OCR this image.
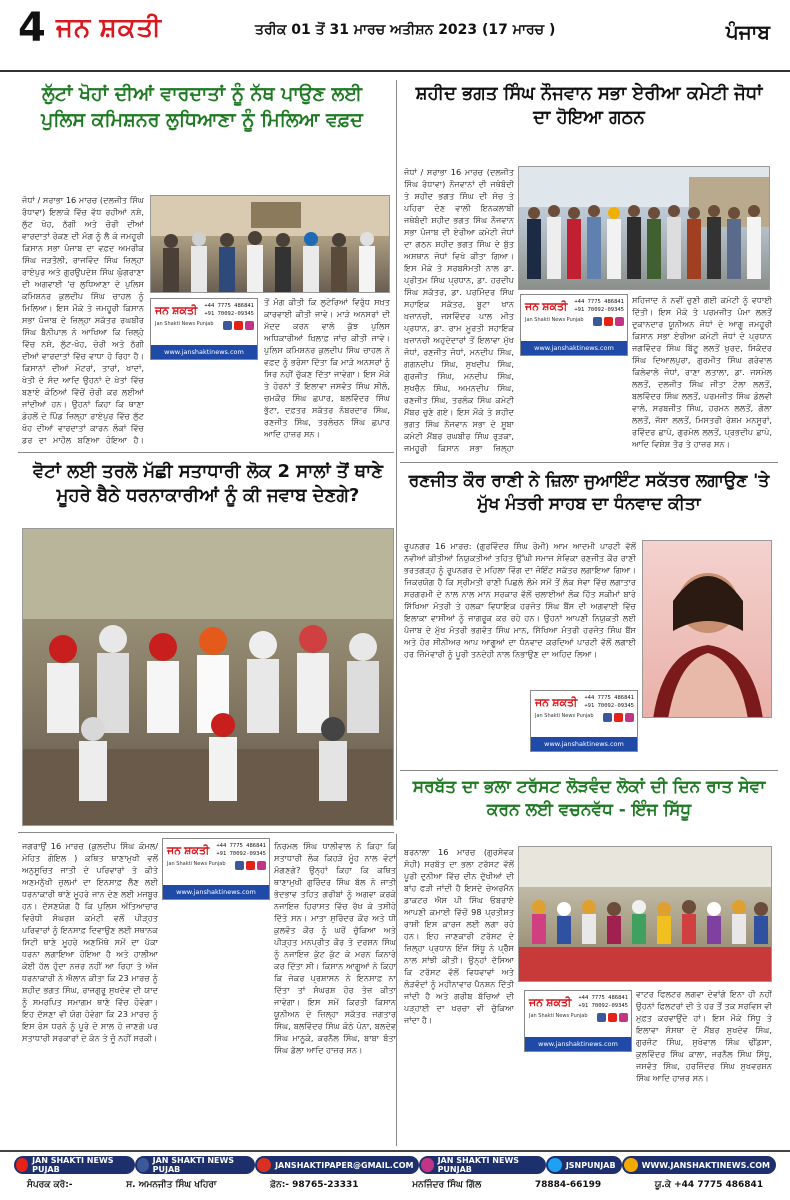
4 ਜਨ ਸ਼ਕਤੀ	ਤਰੀਕ 01 ਤੋਂ 31 ਮਾਰਚ ਅਤੀਸ਼ਨ 2023 (17 ਮਾਰਚ )	ਪੰਜਾਬ
ਲੁੱਟਾਂ ਖੋਹਾਂ ਦੀਆਂ ਵਾਰਦਾਤਾਂ ਨੂੰ ਨੱਥ ਪਾਉਣ ਲਈ ਪੁਲਿਸ ਕਮਿਸ਼ਨਰ ਲੁਧਿਆਣਾ ਨੂੰ ਮਿਲਿਆ ਵਫ਼ਦ
ਜੋਧਾਂ / ਸਰਾਭਾ 16 ਮਾਰਚ (ਦਲਜੀਤ ਸਿੰਘ ਰੰਧਾਵਾ) ਇਲਾਕੇ ਵਿੱਚ ਵੱਧ ਰਹੀਆਂ ਨਸ਼ੇ, ਲੁੱਟ ਖੋਹ, ਠੱਗੀ ਅਤੇ ਚੋਰੀ ਦੀਆਂ ਵਾਰਦਾਤਾਂ ਰੋਕਣ ਦੀ ਮੰਗ ਨੂੰ ਲੈ ਕੇ ਜਮਹੂਰੀ ਕਿਸਾਨ ਸਭਾ ਪੰਜਾਬ ਦਾ ਵਫ਼ਦ ਅਮਰੀਕ ਸਿੰਘ ਜੜਤੌਲੀ, ਰਾਜਵਿੰਦ ਸਿੰਘ ਜ਼ਿਲ੍ਹਾ ਰਾਏਪੁਰ ਅਤੇ ਗੁਰਉਪਦੇਸ਼ ਸਿੰਘ ਘੁੰਗਰਾਣਾ ਦੀ ਅਗਵਾਈ 'ਚ ਲੁਧਿਆਣਾ ਦੇ ਪੁਲਿਸ ਕਮਿਸ਼ਨਰ ਕੁਲਦੀਪ ਸਿੰਘ ਚਾਹਲ ਨੂੰ ਮਿਲਿਆ। ਇਸ ਮੌਕੇ ਤੇ ਜਮਹੂਰੀ ਕਿਸਾਨ ਸਭਾ ਪੰਜਾਬ ਦੇ ਜ਼ਿਲ੍ਹਾ ਸਕੱਤਰ ਰਘਬੀਰ ਸਿੰਘ ਬੈਨੀਪਾਲ ਨੇ ਆਖਿਆ ਕਿ ਜ਼ਿਲ੍ਹੇ ਵਿੱਚ ਨਸ਼ੇ, ਲੁੱਟ-ਖੋਹ, ਚੋਰੀ ਅਤੇ ਠੱਗੀ ਦੀਆਂ ਵਾਰਦਾਤਾਂ ਵਿੱਚ ਵਾਧਾ ਹੋ ਰਿਹਾ ਹੈ। ਕਿਸਾਨਾਂ ਦੀਆਂ ਮੋਟਰਾਂ, ਤਾਰਾਂ, ਖਾਦਾਂ, ਖੇਤੀ ਦੇ ਸੰਦ ਆਦਿ ਉਹਨਾਂ ਦੇ ਖੇਤਾਂ ਵਿੱਚ ਬਣਾਏ ਕੋਠਿਆਂ ਵਿੱਚੋਂ ਚੋਰੀ ਕਰ ਲਈਆਂ ਜਾਂਦੀਆਂ ਹਨ। ਉਹਨਾਂ ਕਿਹਾ ਕਿ ਥਾਣਾ ਡੇਹਲੋਂ ਦੇ ਪਿੰਡ ਜ਼ਿਲ੍ਹਾ ਰਾਏਪੁਰ ਵਿੱਚ ਲੁੱਟ ਖੋਹ ਦੀਆਂ ਵਾਰਦਾਤਾਂ ਕਾਰਨ ਲੋਕਾਂ ਵਿੱਚ ਡਰ ਦਾ ਮਾਹੌਲ ਬਣਿਆ ਹੋਇਆ ਹੈ।
ਜਨ ਸ਼ਕਤੀ
Jan Shakti News Punjab
+44 7775 486841
+91 70092-09345
www.janshaktinews.com
ਤੋਂ ਮੰਗ ਕੀਤੀ ਕਿ ਲੁਟੇਰਿਆਂ ਵਿਰੁੱਧ ਸਖ਼ਤ ਕਾਰਵਾਈ ਕੀਤੀ ਜਾਵੇ। ਮਾੜੇ ਅਨਸਰਾਂ ਦੀ ਮੱਦਦ ਕਰਨ ਵਾਲੇ ਕੁੱਝ ਪੁਲਿਸ ਅਧਿਕਾਰੀਆਂ ਖ਼ਿਲਾਫ਼ ਜਾਂਚ ਕੀਤੀ ਜਾਵੇ। ਪੁਲਿਸ ਕਮਿਸ਼ਨਰ ਕੁਲਦੀਪ ਸਿੰਘ ਚਾਹਲ ਨੇ ਵਫ਼ਦ ਨੂੰ ਭਰੋਸਾ ਦਿੱਤਾ ਕਿ ਮਾੜੇ ਅਨਸਰਾਂ ਨੂੰ ਸਿਰ ਨਹੀਂ ਚੁੱਕਣ ਦਿੱਤਾ ਜਾਵੇਗਾ। ਇਸ ਮੌਕੇ ਤੇ ਹੋਰਨਾਂ ਤੋਂ ਇਲਾਵਾ ਜਸਵੰਤ ਸਿੰਘ ਸੀਲੋ, ਚਮਕੌਰ ਸਿੰਘ ਛਪਾਰ, ਬਲਵਿੰਦਰ ਸਿੰਘ ਭੁੱਟਾ, ਦਫ਼ਤਰ ਸਕੱਤਰ ਨੰਬਰਦਾਰ ਸਿੰਘ, ਰਣਜੀਤ ਸਿੰਘ, ਤਰਲੋਚਨ ਸਿੰਘ ਛਪਾਰ ਆਦਿ ਹਾਜ਼ਰ ਸਨ।
ਸ਼ਹੀਦ ਭਗਤ ਸਿੰਘ ਨੌਜਵਾਨ ਸਭਾ ਏਰੀਆ ਕਮੇਟੀ ਜੋਧਾਂ ਦਾ ਹੋਇਆ ਗਠਨ
ਜੋਧਾਂ / ਸਰਾਭਾ 16 ਮਾਰਚ (ਦਲਜੀਤ ਸਿੰਘ ਰੰਧਾਵਾ) ਨੌਜਵਾਨਾਂ ਦੀ ਜਥੇਬੰਦੀ ਤੇ ਸ਼ਹੀਦ ਭਗਤ ਸਿੰਘ ਦੀ ਸੋਚ ਤੇ ਪਹਿਰਾ ਦੇਣ ਵਾਲੀ ਇਨਕਲਾਬੀ ਜਥੇਬੰਦੀ ਸ਼ਹੀਦ ਭਗਤ ਸਿੰਘ ਨੌਜਵਾਨ ਸਭਾ ਪੰਜਾਬ ਦੀ ਏਰੀਆ ਕਮੇਟੀ ਜੋਧਾਂ ਦਾ ਗਠਨ ਸ਼ਹੀਦ ਭਗਤ ਸਿੰਘ ਦੇ ਬੁੱਤ ਅਸਥਾਨ ਜੋਧਾਂ ਵਿਖੇ ਕੀਤਾ ਗਿਆ। ਇਸ ਮੌਕੇ ਤੇ ਸਰਬਸੰਮਤੀ ਨਾਲ ਡਾ. ਪ੍ਰੀਤਮ ਸਿੰਘ ਪ੍ਰਧਾਨ, ਡਾ. ਹਰਦੀਪ ਸਿੰਘ ਸਕੱਤਰ, ਡਾ. ਪਰਮਿੰਦਰ ਸਿੰਘ ਸਹਾਇਕ ਸਕੱਤਰ, ਬੂਟਾ ਖਾਨ ਖ਼ਜ਼ਾਨਚੀ, ਜਸਵਿੰਦਰ ਪਾਲ ਮੀਤ ਪ੍ਰਧਾਨ, ਡਾ. ਰਾਮ ਮੂਰਤੀ ਸਹਾਇਕ ਖ਼ਜ਼ਾਨਚੀ ਅਹੁਦੇਦਾਰਾਂ ਤੋਂ ਇਲਾਵਾ ਮੁੱਖ ਜੋਧਾਂ, ਰਣਜੀਤ ਜੋਧਾਂ, ਮਨਦੀਪ ਸਿੰਘ, ਗਗਨਦੀਪ ਸਿੰਘ, ਸੁਖਦੀਪ ਸਿੰਘ, ਗੁਰਜੀਤ ਸਿੰਘ, ਮਨਦੀਪ ਸਿੰਘ, ਸੁਖਚੈਨ ਸਿੰਘ, ਅਮਨਦੀਪ ਸਿੰਘ, ਰਣਜੀਤ ਸਿੰਘ, ਤਰਲੋਕ ਸਿੰਘ ਕਮੇਟੀ ਮੈਂਬਰ ਚੁਣੇ ਗਏ। ਇਸ ਮੌਕੇ ਤੇ ਸ਼ਹੀਦ ਭਗਤ ਸਿੰਘ ਨੌਜਵਾਨ ਸਭਾ ਦੇ ਸੂਬਾ ਕਮੇਟੀ ਮੈਂਬਰ ਰਘਬੀਰ ਸਿੰਘ ਰੁੜਕਾ, ਜਮਹੂਰੀ ਕਿਸਾਨ ਸਭਾ ਜ਼ਿਲ੍ਹਾ
ਜਨ ਸ਼ਕਤੀ
Jan Shakti News Punjab
+44 7775 486841
+91 70092-09345
www.janshaktinews.com
ਸਹਿਜਾਦ ਨੇ ਨਵੀਂ ਚੁਣੀ ਗਈ ਕਮੇਟੀ ਨੂੰ ਵਧਾਈ ਦਿੱਤੀ। ਇਸ ਮੌਕੇ ਤੇ ਪਰਮਜੀਤ ਪੰਮਾ ਲਲਤੋਂ ਦੁਕਾਨਦਾਰ ਯੂਨੀਅਨ ਜੋਧਾਂ ਦੇ ਆਗੂ ਜਮਹੂਰੀ ਕਿਸਾਨ ਸਭਾ ਏਰੀਆ ਕਮੇਟੀ ਜੋਧਾਂ ਦੇ ਪ੍ਰਧਾਨ ਜਗਵਿੰਦਰ ਸਿੰਘ ਬਿੱਟੂ ਲਲਤੋਂ ਖੁਰਦ, ਸਿਕੰਦਰ ਸਿੰਘ ਦਿਆਲਪੁਰਾ, ਗੁਰਮੀਤ ਸਿੰਘ ਗਰੇਵਾਲ ਕਿਲੇਵਾਲੇ ਜੋਧਾਂ, ਰਾਣਾ ਲਤਾਲਾ, ਡਾ. ਜਸਮੇਲ ਲਲਤੋਂ, ਦਲਜੀਤ ਸਿੰਘ ਜੀਤਾ ਟੋਲਾ ਲਲਤੋਂ, ਬਲਵਿੰਦਰ ਸਿੰਘ ਲਲਤੋਂ, ਪਰਮਜੀਤ ਸਿੰਘ ਡੋਲਵੀ ਵਾਲੇ, ਸਰਬਜੀਤ ਸਿੰਘ, ਹਰਮਨ ਲਲਤੋਂ, ਗੋਲਾ ਲਲਤੋਂ, ਜੱਸਾ ਲਲਤੋਂ, ਮਿਸਤਰੀ ਰੇਸ਼ਮ ਮਨਸੂਰਾਂ, ਰਵਿੰਦਰ ਛਾਪੇ, ਗੁਰਮੇਲ ਲਲਤੋਂ, ਪ੍ਰਭਦੀਪ ਛਾਪੇ, ਆਦਿ ਵਿਸ਼ੇਸ਼ ਤੌਰ ਤੇ ਹਾਜ਼ਰ ਸਨ।
ਰਣਜੀਤ ਕੌਰ ਰਾਣੀ ਨੇ ਜ਼ਿਲਾ ਜੁਆਇੰਟ ਸਕੱਤਰ ਲਗਾਉਣ 'ਤੇ ਮੁੱਖ ਮੰਤਰੀ ਸਾਹਬ ਦਾ ਧੰਨਵਾਦ ਕੀਤਾ
ਰੂਪਨਗਰ 16 ਮਾਰਚ: (ਗੁਰਵਿੰਦਰ ਸਿੰਘ ਰੋਮੀ) ਆਮ ਆਦਮੀ ਪਾਰਟੀ ਵੱਲੋਂ ਨਵੀਆਂ ਕੀਤੀਆਂ ਨਿਯੁਕਤੀਆਂ ਤਹਿਤ ਉੱਘੀ ਸਮਾਜ ਸੇਵਿਕਾ ਰਣਜੀਤ ਕੌਰ ਰਾਣੀ ਭਰਤਗੜ੍ਹ ਨੂੰ ਰੂਪਨਗਰ ਦੇ ਮਹਿਲਾ ਵਿੰਗ ਦਾ ਜੋਇੰਟ ਸਕੱਤਰ ਲਗਾਇਆ ਗਿਆ। ਜਿਕਰਯੋਗ ਹੈ ਕਿ ਸ੍ਰੀਮਤੀ ਰਾਣੀ ਪਿਛਲੇ ਲੰਮੇ ਸਮੇਂ ਤੋਂ ਲੋਕ ਸੇਵਾ ਵਿੱਚ ਲਗਾਤਾਰ ਸਰਗਰਮੀ ਦੇ ਨਾਲ ਨਾਲ ਮਾਨ ਸਰਕਾਰ ਵੱਲੋਂ ਚਲਾਈਆਂ ਲੋਕ ਹਿੱਤ ਸਕੀਮਾਂ ਬਾਰੇ ਸਿੱਖਿਆ ਮੰਤਰੀ ਤੇ ਹਲਕਾ ਵਿਧਾਇਕ ਹਰਜੋਤ ਸਿੰਘ ਬੈਂਸ ਦੀ ਅਗਵਾਈ ਵਿੱਚ ਇਲਾਕਾ ਵਾਸੀਆਂ ਨੂੰ ਜਾਗਰੂਕ ਕਰ ਰਹੇ ਹਨ। ਉਹਨਾਂ ਆਪਣੀ ਨਿਯੁਕਤੀ ਲਈ ਪੰਜਾਬ ਦੇ ਮੁੱਖ ਮੰਤਰੀ ਭਗਵੰਤ ਸਿੰਘ ਮਾਨ, ਸਿੱਖਿਆ ਮੰਤਰੀ ਹਰਜੋਤ ਸਿੰਘ ਬੈਂਸ ਅਤੇ ਹੋਰ ਸੀਨੀਅਰ ਆਪ ਆਗੂਆਂ ਦਾ ਧੰਨਵਾਦ ਕਰਦਿਆਂ ਪਾਰਟੀ ਵੱਲੋਂ ਲਗਾਈ ਹਰ ਜ਼ਿੰਮੇਵਾਰੀ ਨੂੰ ਪੂਰੀ ਤਨਦੇਹੀ ਨਾਲ ਨਿਭਾਉਣ ਦਾ ਅਹਿਦ ਲਿਆ।
ਜਨ ਸ਼ਕਤੀ
Jan Shakti News Punjab
+44 7775 486841
+91 70092-09345
www.janshaktinews.com
ਵੋਟਾਂ ਲਈ ਤਰਲੋ ਮੱਛੀ ਸਤਾਧਾਰੀ ਲੋਕ 2 ਸਾਲਾਂ ਤੋਂ ਥਾਣੇ ਮੂਹਰੇ ਬੈਠੇ ਧਰਨਾਕਾਰੀਆਂ ਨੂੰ ਕੀ ਜਵਾਬ ਦੇਣਗੇ?
ਜਗਰਾਉਂ 16 ਮਾਰਚ (ਕੁਲਦੀਪ ਸਿੰਘ ਕੋਮਲ/ ਮੋਹਿਤ ਗੋਇਲ ) ਕਥਿਤ ਥਾਣਾਮੁਖੀ ਵਲੋਂ ਅਨੁਸੂਚਿਤ ਜਾਤੀ ਦੇ ਪਰਿਵਾਰਾਂ ਤੇ ਕੀਤੇ ਅਣਮਨੁੱਖੀ ਜ਼ੁਲਮਾਂ ਦਾ ਇਨਸਾਫ਼ ਲੈਣ ਲਈ ਧਰਨਾਕਾਰੀ ਥਾਣੇ ਮੂਹਰੇ ਜਾਨ ਦੇਣ ਲਈ ਮਜਬੂਰ ਹਨ। ਦੱਸਣਯੋਗ ਹੈ ਕਿ ਪੁਲਿਸ ਅੱਤਿਆਚਾਰ ਵਿਰੋਧੀ ਸੰਘਰਸ਼ ਕਮੇਟੀ ਵਲੋਂ ਪੀੜ੍ਹਤ ਪਰਿਵਾਰਾਂ ਨੂੰ ਇਨਸਾਫ਼ ਦਿਵਾਉਣ ਲਈ ਸਥਾਨਕ ਸਿਟੀ ਥਾਣੇ ਮੂਹਰੇ ਅਣਮਿੱਥੇ ਸਮੇਂ ਦਾ ਪੱਕਾ ਧਰਨਾ ਲਗਾਇਆ ਹੋਇਆ ਹੈ ਅਤੇ ਹਾਲੀਆ ਕੋਈ ਹੱਲ ਹੁੰਦਾ ਨਜ਼ਰ ਨਹੀਂ ਆ ਰਿਹਾ ਤੇ ਅੱਜ ਧਰਨਾਕਾਰੀ ਨੇ ਐਲਾਨ ਕੀਤਾ ਕਿ 23 ਮਾਰਚ ਨੂੰ ਸ਼ਹੀਦ ਭਗਤ ਸਿੰਘ, ਰਾਜਗੁਰੂ ਸੁਖਦੇਵ ਦੀ ਯਾਦ ਨੂੰ ਸਮਰਪਿਤ ਸਮਾਗਮ ਥਾਣੇ ਵਿੱਚ ਹੋਵੇਗਾ। ਇਹ ਦੱਸਣਾ ਵੀ ਯੋਗ ਹੋਵੇਗਾ ਕਿ 23 ਮਾਰਚ ਨੂੰ ਇਸ ਰੋਸ ਧਰਨੇ ਨੂੰ ਪੂਰੇ ਦੋ ਸਾਲ ਹੋ ਜਾਣਗੇ ਪਰ ਸਤਾਧਾਰੀ ਸਰਕਾਰਾਂ ਦੇ ਕੰਨ ਤੇ ਜੂੰ ਨਹੀਂ ਸਰਕੀ।
ਜਨ ਸ਼ਕਤੀ
Jan Shakti News Punjab
+44 7775 486841
+91 70092-09345
www.janshaktinews.com
ਨਿਰਮਲ ਸਿੰਘ ਧਾਲੀਵਾਲ ਨੇ ਕਿਹਾ ਕਿ ਸਤਾਧਾਰੀ ਲੋਕ ਕਿਹੜੇ ਮੂੰਹ ਨਾਲ ਵੋਟਾਂ ਮੰਗਣਗੇ? ਉਨ੍ਹਾਂ ਕਿਹਾ ਕਿ ਕਥਿਤ ਥਾਣਾਮੁਖੀ ਗੁਰਿੰਦਰ ਸਿੰਘ ਬੱਲ ਨੇ ਜਾਤੀ ਭੇਦਭਾਵ ਤਹਿਤ ਗਰੀਬਾਂ ਨੂੰ ਅਗਵਾ ਕਰਕੇ ਨਜਾਇਜ਼ ਹਿਰਾਸਤ ਵਿੱਚ ਰੱਖ ਕੇ ਤਸੀਹੇ ਦਿੱਤੇ ਸਨ। ਮਾਤਾ ਸੁਰਿੰਦਰ ਕੌਰ ਅਤੇ ਧੀ ਕੁਲਵੰਤ ਕੌਰ ਨੂੰ ਘਰੋਂ ਚੁੱਕਿਆ ਅਤੇ ਪੀੜ੍ਹਤ ਮਨਪ੍ਰੀਤ ਕੌਰ ਤੇ ਦਰਸ਼ਨ ਸਿੰਘ ਨੂੰ ਨਜਾਇਜ਼ ਕੁੱਟ ਕੁੱਟ ਕੇ ਮਰਨ ਕਿਨਾਰੇ ਕਰ ਦਿੱਤਾ ਸੀ। ਕਿਸਾਨ ਆਗੂਆਂ ਨੇ ਕਿਹਾ ਕਿ ਜੇਕਰ ਪ੍ਰਸ਼ਾਸਨ ਨੇ ਇਨਸਾਫ਼ ਨਾ ਦਿੱਤਾ ਤਾਂ ਸੰਘਰਸ਼ ਹੋਰ ਤੇਜ਼ ਕੀਤਾ ਜਾਵੇਗਾ। ਇਸ ਸਮੇਂ ਕਿਰਤੀ ਕਿਸਾਨ ਯੂਨੀਅਨ ਦੇ ਜ਼ਿਲ੍ਹਾ ਸਕੱਤਰ ਜਗਤਾਰ ਸਿੰਘ, ਬਲਵਿੰਦਰ ਸਿੰਘ ਕੋਠੇ ਪੋਨਾ, ਬਲਦੇਵ ਸਿੰਘ ਮਾਨੂਕੇ, ਕਰਨੈਲ ਸਿੰਘ, ਬਾਬਾ ਬੰਤਾ ਸਿੰਘ ਡੱਲਾ ਆਦਿ ਹਾਜ਼ਰ ਸਨ।
ਸਰਬੱਤ ਦਾ ਭਲਾ ਟਰੱਸਟ ਲੋੜਵੰਦ ਲੋਕਾਂ ਦੀ ਦਿਨ ਰਾਤ ਸੇਵਾ ਕਰਨ ਲਈ ਵਚਨਵੱਧ - ਇੰਜ ਸਿੱਧੂ
ਬਰਨਾਲਾ 16 ਮਾਰਚ (ਗੁਰਸੇਵਕ ਸੋਹੀ) ਸਰਬੱਤ ਦਾ ਭਲਾ ਟਰੱਸਟ ਵੱਲੋਂ ਪੂਰੀ ਦੁਨੀਆ ਵਿੱਚ ਦੀਨ ਦੁੱਖੀਆਂ ਦੀ ਬਾਂਹ ਫੜੀ ਜਾਂਦੀ ਹੈ ਇਸਦੇ ਚੇਅਰਮੈਨ ਡਾਕਟਰ ਐਸ ਪੀ ਸਿੰਘ ਓਬਰਾਏ ਆਪਣੀ ਕਮਾਈ ਵਿੱਚੋਂ 98 ਪ੍ਰਤੀਸ਼ਤ ਰਾਸ਼ੀ ਇਸ ਕਾਰਜ ਲਈ ਲਗਾ ਰਹੇ ਹਨ। ਇਹ ਜਾਣਕਾਰੀ ਟਰੱਸਟ ਦੇ ਜ਼ਿਲ੍ਹਾ ਪ੍ਰਧਾਨ ਇੰਜ ਸਿੱਧੂ ਨੇ ਪ੍ਰੈੱਸ ਨਾਲ ਸਾਂਝੀ ਕੀਤੀ। ਉਨ੍ਹਾਂ ਦੱਸਿਆ ਕਿ ਟਰੱਸਟ ਵੱਲੋਂ ਵਿਧਵਾਵਾਂ ਅਤੇ ਲੋੜਵੰਦਾਂ ਨੂੰ ਮਹੀਨਾਵਾਰ ਪੈਨਸ਼ਨ ਦਿੱਤੀ ਜਾਂਦੀ ਹੈ ਅਤੇ ਗਰੀਬ ਬੱਚਿਆਂ ਦੀ ਪੜ੍ਹਾਈ ਦਾ ਖਰਚਾ ਵੀ ਚੁੱਕਿਆ ਜਾਂਦਾ ਹੈ।
ਜਨ ਸ਼ਕਤੀ
Jan Shakti News Punjab
+44 7775 486841
+91 70092-09345
www.janshaktinews.com
ਵਾਟਰ ਫਿਲਟਰ ਲਗਵਾ ਦੇਵਾਂਗੇ ਇਨਾ ਹੀ ਨਹੀਂ ਉਹਨਾਂ ਫਿਲਟਰਾਂ ਦੀ ਤੇ ਹਰ ਤੌਂ ਤਕ ਸਰਵਿਸ ਵੀ ਮੁਫ਼ਤ ਕਰਵਾਉਂਦੇ ਹਾਂ। ਇਸ ਮੌਕੇ ਸਿੱਧੂ ਤੇ ਇਲਾਵਾ ਸੰਸਥਾ ਦੇ ਮੈਂਬਰ ਸੁਖਦੇਵ ਸਿੰਘ, ਗੁਰਜੰਟ ਸਿੰਘ, ਸੁਖੇਵਾਲ ਸਿੰਘ ਢੀਂਡਸਾ, ਕੁਲਵਿੰਦਰ ਸਿੰਘ ਕਾਲਾ, ਜਰਨੈਲ ਸਿੰਘ ਸਿੱਧੂ, ਜਸਵੰਤ ਸਿੰਘ, ਹਰਜਿੰਦਰ ਸਿੰਘ ਸੁਖਵਰਸ਼ਨ ਸਿੰਘ ਆਦਿ ਹਾਜ਼ਰ ਸਨ।
JAN SHAKTI NEWS PUJAB
JAN SHAKTI NEWS PUJAB	JANSHAKTIPAPER@GMAIL.COM	JAN SHAKTI NEWS PUNJAB	JSNPUNJAB	WWW.JANSHAKTINEWS.COM
ਸੰਪਰਕ ਕਰੋ:-	ਸ. ਅਮਨਜੀਤ ਸਿੰਘ ਖਹਿਰਾ	ਫ਼ੋਨ:- 98765-23331	ਮਨਜਿੰਦਰ ਸਿੰਘ ਗਿੱਲ	78884-66199	ਯੂ.ਕੇ +44 7775 486841
